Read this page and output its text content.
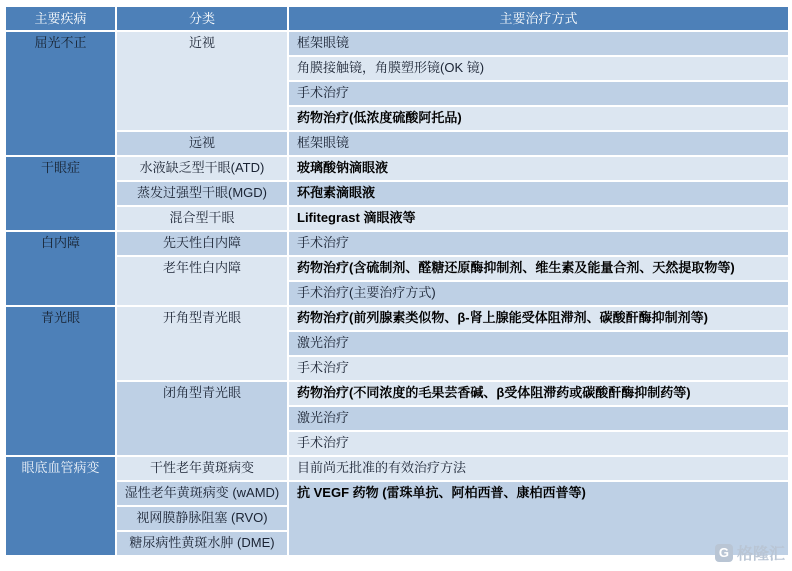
主要疾病	分类	主要治疗方式
屈光不正	近视	框架眼镜
		角膜接触镜，角膜塑形镜(OK 镜)
		手术治疗
		药物治疗(低浓度硫酸阿托品)
	远视	框架眼镜
干眼症	水液缺乏型干眼(ATD)	玻璃酸钠滴眼液
	蒸发过强型干眼(MGD)	环孢素滴眼液
	混合型干眼	Lifitegrast 滴眼液等
白内障	先天性白内障	手术治疗
	老年性白内障	药物治疗(含硫制剂、醛糖还原酶抑制剂、维生素及能量合剂、天然提取物等)
		手术治疗(主要治疗方式)
青光眼	开角型青光眼	药物治疗(前列腺素类似物、β-肾上腺能受体阻滞剂、碳酸酐酶抑制剂等)
		激光治疗
		手术治疗
	闭角型青光眼	药物治疗(不同浓度的毛果芸香碱、β受体阻滞药或碳酸酐酶抑制药等)
		激光治疗
		手术治疗
眼底血管病变	干性老年黄斑病变	目前尚无批准的有效治疗方法
	湿性老年黄斑病变 (wAMD)	抗 VEGF 药物 (雷珠单抗、阿柏西普、康柏西普等)
	视网膜静脉阻塞 (RVO)	
	糖尿病性黄斑水肿 (DME)	
G 格隆汇
